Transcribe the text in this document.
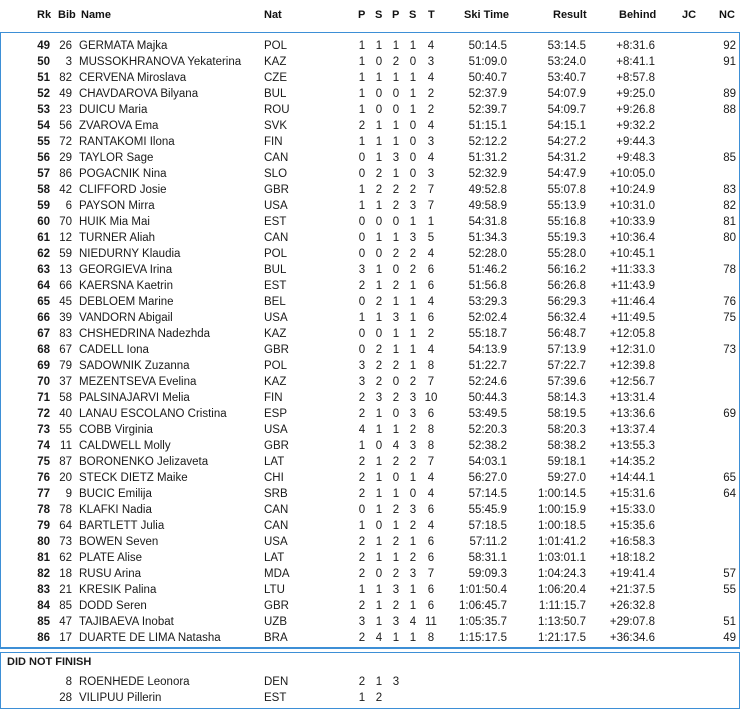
Rk Bib Name	Nat	P S P S T	Ski Time	Result	Behind JC NC
49 26 GERMATA Majka	POL	1 1 1 1	4	50:14.5	53:14.5	+8:31.6	92
50	3 MUSSOKHRANOVA Yekaterina	KAZ	1 0 2 0	3	51:09.0	53:24.0	+8:41.1	91
51 82 CERVENA Miroslava	CZE	1 1 1 1	4	50:40.7	53:40.7	+8:57.8
52 49 CHAVDAROVA Bilyana	BUL	1 0 0 1	2	52:37.9	54:07.9	+9:25.0	89
53 23 DUICU Maria	ROU	1 0 0 1	2	52:39.7	54:09.7	+9:26.8	88
54 56 ZVAROVA Ema	SVK	2 1 1 0	4	51:15.1	54:15.1	+9:32.2
55 72 RANTAKOMI Ilona	FIN	1 1 1 0	3	52:12.2	54:27.2	+9:44.3
56 29 TAYLOR Sage	CAN	0 1 3 0	4	51:31.2	54:31.2	+9:48.3	85
57 86 POGACNIK Nina	SLO	0 2 1 0	3	52:32.9	54:47.9	+10:05.0
58 42 CLIFFORD Josie	GBR	1 2 2 2	7	49:52.8	55:07.8	+10:24.9	83
59	6 PAYSON Mirra	USA	1 1 2 3	7	49:58.9	55:13.9	+10:31.0	82
60 70 HUIK Mia Mai	EST	0 0 0 1	1	54:31.8	55:16.8	+10:33.9	81
61 12 TURNER Aliah	CAN	0 1 1 3	5	51:34.3	55:19.3	+10:36.4	80
62 59 NIEDURNY Klaudia	POL	0 0 2 2	4	52:28.0	55:28.0	+10:45.1
63 13 GEORGIEVA Irina	BUL	3 1 0 2	6	51:46.2	56:16.2	+11:33.3	78
64 66 KAERSNA Kaetrin	EST	2 1 2 1	6	51:56.8	56:26.8	+11:43.9
65 45 DEBLOEM Marine	BEL	0 2 1 1	4	53:29.3	56:29.3	+11:46.4	76
66 39 VANDORN Abigail	USA	1 1 3 1	6	52:02.4	56:32.4	+11:49.5	75
67 83 CHSHEDRINA Nadezhda	KAZ	0 0 1 1	2	55:18.7	56:48.7	+12:05.8
68 67 CADELL Iona	GBR	0 2 1 1	4	54:13.9	57:13.9	+12:31.0	73
69 79 SADOWNIK Zuzanna	POL	3 2 2 1	8	51:22.7	57:22.7	+12:39.8
70 37 MEZENTSEVA Evelina	KAZ	3 2 0 2	7	52:24.6	57:39.6	+12:56.7
71 58 PALSINAJARVI Melia	FIN	2 3 2 3 10	50:44.3	58:14.3	+13:31.4
72 40 LANAU ESCOLANO Cristina	ESP	2 1 0 3	6	53:49.5	58:19.5	+13:36.6	69
73 55 COBB Virginia	USA	4 1 1 2	8	52:20.3	58:20.3	+13:37.4
74 11 CALDWELL Molly	GBR	1 0 4 3	8	52:38.2	58:38.2	+13:55.3
75 87 BORONENKO Jelizaveta	LAT	2 1 2 2	7	54:03.1	59:18.1	+14:35.2
76 20 STECK DIETZ Maike	CHI	2 1 0 1	4	56:27.0	59:27.0	+14:44.1	65
77	9 BUCIC Emilija	SRB	2 1 1 0	4	57:14.5	1:00:14.5	+15:31.6	64
78 78 KLAFKI Nadia	CAN	0 1 2 3	6	55:45.9	1:00:15.9	+15:33.0
79 64 BARTLETT Julia	CAN	1 0 1 2	4	57:18.5	1:00:18.5	+15:35.6
80 73 BOWEN Seven	USA	2 1 2 1	6	57:11.2	1:01:41.2	+16:58.3
81 62 PLATE Alise	LAT	2 1 1 2	6	58:31.1	1:03:01.1	+18:18.2
82 18 RUSU Arina	MDA	2 0 2 3	7	59:09.3	1:04:24.3	+19:41.4	57
83 21 KRESIK Palina	LTU	1 1 3 1	6	1:01:50.4	1:06:20.4	+21:37.5	55
84 85 DODD Seren	GBR	2 1 2 1	6	1:06:45.7	1:11:15.7	+26:32.8
85 47 TAJIBAEVA Inobat	UZB	3 1 3 4 11	1:05:35.7	1:13:50.7	+29:07.8	51
86 17 DUARTE DE LIMA Natasha	BRA	2 4 1 1	8	1:15:17.5	1:21:17.5	+36:34.6	49
DID NOT FINISH
8 ROENHEDE Leonora	DEN	2 1 3
28 VILIPUU Pillerin	EST	1 2
